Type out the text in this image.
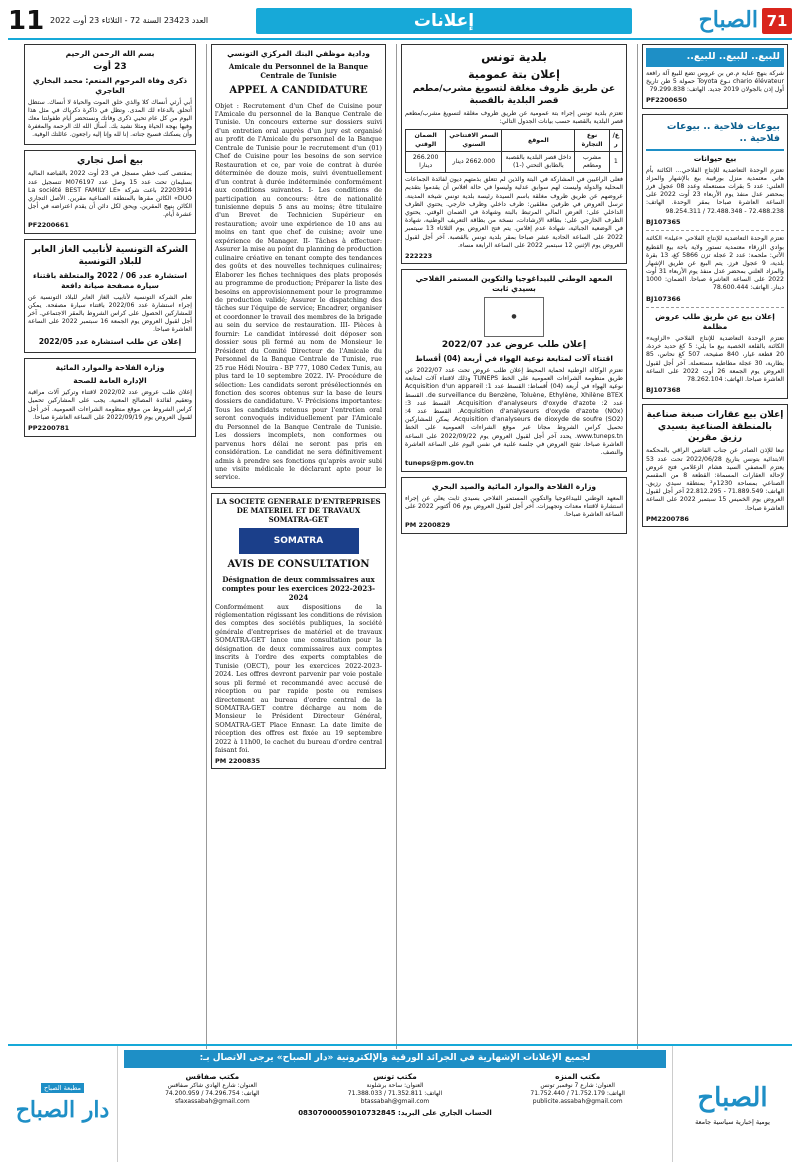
11 العدد 23423 السنة 72 - الثلاثاء 23 أوت 2022	إعلانات	الصباح 71
للبيع.. للبيع.. للبيع..
شركة بنهج عناية م.ص بن عروس تضع للبيع آلة رافعة chario élévateur نـوع Toyota حمولة 5 طن تاريخ أول إذن بالجولان 2019 جديد. الهاتف: 79.299.838
PF2200650
بيوعات فلاحية .. بيوعات فلاحية ..
بيع حيوانات
تعتزم الوحدة التعاضدية للإنتاج الفلاحي... الكائنة بأم هاني معتمدية منزل بورقيبة بيع بالإشهار والمزاد العلني: عدد 5 بقرات مستعملة وعدد 08 عجول فرز بمحضر عدل منفذ يوم الأربعاء 23 أوت 2022 على الساعة العاشرة صباحا بمقر الوحدة. الهاتف: 72.488.238 - 72.488.348 / 98.254.311
BJ107365
تعتزم الوحدة التعاضدية للإنتاج الفلاحي «عيلة» الكائنة بوادي الزرقاء معتمدية تستور ولاية باجة بيع القطيع الآتي: ملحمة: عدد 2 عجلة تزن 5866 كغ، 13 بقرة بلدية، 9 عجول فرز. يتم البيع عن طريق الإشهار والمزاد العلني بمحضر عدل منفذ يوم الأربعاء 31 أوت 2022 على الساعة العاشرة صباحا. الضمان: 1000 دينار. الهاتف: 78.600.444
BJ107366
إعلان بيع عن طريق طلب عروض مظلمة
تعتزم الوحدة التعاضدية للإنتاج الفلاحي «الزاوية» الكائنة بالقلعة الخصبة بيع ما يلي: 5 كغ حديد خردة، 20 قطعة غيار، 840 صفيحة، 507 كغ نحاس، 85 بطارية، 30 عجلة مطاطية مستعملة. آخر أجل لقبول العروض يوم الجمعة 26 أوت 2022 على الساعة العاشرة صباحا. الهاتف: 78.262.104
BJ107368
إعلان بيع عقارات صبغة صناعية بالمنطقة الصناعية بسيدي رزيق مقرين
تبعا للإذن الصادر عن جناب القاضي الراقي بالمحكمة الابتدائية بتونس بتاريخ 2022/06/28 تحت عدد 53 يعتزم المصفي السيد هشام الزغلامي فتح عروض لإحالة العقارات المسماة: القطعة 8 من المقسم الصناعي بمساحة 1230م² بمنطقة سيدي رزيق. الهاتف: 71.889.549 - 22.812.295 آخر أجل لقبول العروض يوم الخميس 15 سبتمبر 2022 على الساعة العاشرة صباحا.
PM2200786
بلدية تونس
إعلان بتة عمومية
عن طريق ظروف مغلقة لتسويغ مشرب/مطعم قصر البلدية بالقصبة
تعتزم بلدية تونس إجراء بتة عمومية عن طريق ظروف مغلقة لتسويغ مشرب/مطعم قصر البلدية بالقصبة حسب بيانات الجدول التالي:
ع/ر	نوع التجارة	الموقع	السعر الافتتاحي السنوي	الضمان الوقتي
1	مشرب ومطعم	داخل قصر البلدية بالقصبة بالطابق التحتي (-1)	2662.000 دينار	266.200 دينارا
فعلى الراغبين في المشاركة في البتة والذين لم تتعلق بذمتهم ديون لفائدة الجماعات المحلية والدولة وليست لهم سوابق عدلية وليسوا في حالة افلاس أن يقدموا بتقديم عروضهم عن طريق ظروف مغلقة باسم السيدة رئيسة بلدية تونس شيخة المدينة. ترسل العروض في ظرفين مغلقين: ظرف داخلي وظرف خارجي. يحتوي الظرف الداخلي على: العرض المالي المرتبط بالبتة وشهادة في الضمان الوقتي. يحتوي الظرف الخارجي على: بطاقة الإرشادات، نسخة من بطاقة التعريف الوطنية، شهادة في الوضعية الجبائية، شهادة عدم إفلاس. يتم فتح العروض يوم الثلاثاء 13 سبتمبر 2022 على الساعة الحادية عشر صباحا بمقر بلدية تونس بالقصبة. آخر أجل لقبول العروض يوم الإثنين 12 سبتمبر 2022 على الساعة الرابعة مساء.
222223
المعهد الوطني للبيداغوجيا والتكوين المستمر الفلاحي بسيدي ثابت
●
إعلان طلب عروض عدد 2022/07
اقتناء آلات لمتابعة نوعية الهواء في أربعة (04) أقساط
تعتزم الوكالة الوطنية لحماية المحيط إعلان طلب عروض تحت عدد 2022/07 عن طريق منظومة الشراءات العمومية على الخط TUNEPS وذلك لاقتناء آلات لمتابعة نوعية الهواء في أربعة (04) أقساط: القسط عدد 1: Acquisition d'un appareil de surveillance du Benzène, Toluène, Ethylène, Xhilène BTEX. القسط عدد 2: Acquisition d'analyseurs d'oxyde d'azote. القسط عدد 3: Acquisition d'analyseurs d'oxyde d'azote (NOx). القسط عدد 4: Acquisition d'analyseurs de dioxyde de soufre (SO2). يمكن للمشاركين تحميل كراس الشروط مجانا عبر موقع الشراءات العمومية على الخط www.tuneps.tn. يحدد آخر أجل لقبول العروض يوم 2022/09/22 على الساعة العاشرة صباحا. تفتح العروض في جلسة علنية في نفس اليوم على الساعة العاشرة والنصف.
tuneps@pm.gov.tn
وزارة الفلاحة والموارد المائية والصيد البحري
المعهد الوطني للبيداغوجيا والتكوين المستمر الفلاحي بسيدي ثابت يعلن عن إجراء استشارة لاقتناء معدات وتجهيزات. آخر أجل لقبول العروض يوم 06 أكتوبر 2022 على الساعة العاشرة صباحا.
PM 2200829
ودادية موظفي البنك المركزي التونسي
Amicale du Personnel de la Banque Centrale de Tunisie
APPEL A CANDIDATURE
Objet : Recrutement d'un Chef de Cuisine pour l'Amicale du personnel de la Banque Centrale de Tunisie. Un concours externe sur dossiers suivi d'un entretien oral auprès d'un jury est organisé au profit de l'Amicale du personnel de la Banque Centrale de Tunisie pour le recrutement d'un (01) Chef de Cuisine pour les besoins de son service Restauration et ce, par voie de contrat à durée déterminée de douze mois, suivi éventuellement d'un contrat à durée indéterminée conformément aux conditions suivantes. I- Les conditions de participation au concours: être de nationalité tunisienne depuis 5 ans au moins; être titulaire d'un Brevet de Technicien Supérieur en restauration; avoir une expérience de 10 ans au moins en tant que chef de cuisine; avoir une expérience de Manager. II- Tâches à effectuer: Assurer la mise au point du planning de production culinaire créative en tenant compte des tendances des goûts et des nouvelles techniques culinaires; Élaborer les fiches techniques des plats proposés au programme de production; Préparer la liste des besoins en approvisionnement pour le programme de production validé; Assurer le dispatching des tâches sur l'équipe de service; Encadrer, organiser et coordonner le travail des membres de la brigade au sein du service de restauration. III- Pièces à fournir: Le candidat intéressé doit déposer son dossier sous pli fermé au nom de Monsieur le Président du Comité Directeur de l'Amicale du Personnel de la Banque Centrale de Tunisie, rue 25 rue Hédi Nouira - BP 777, 1080 Cedex Tunis, au plus tard le 10 septembre 2022. IV- Procédure de sélection: Les candidats seront présélectionnés en fonction des scores obtenus sur la base de leurs dossiers de candidature. V- Précisions importantes: Tous les candidats retenus pour l'entretien oral seront convoqués individuellement par l'Amicale du Personnel de la Banque Centrale de Tunisie. Les dossiers incomplets, non conformes ou parvenus hors délai ne seront pas pris en considération. Le candidat ne sera définitivement admis à prendre ses fonctions qu'après avoir subi une visite médicale le déclarant apte pour le service.
LA SOCIETE GENERALE D'ENTREPRISES DE MATERIEL ET DE TRAVAUX SOMATRA-GET
SOMATRA
AVIS DE CONSULTATION
Désignation de deux commissaires aux comptes pour les exercices 2022-2023-2024
Conformément aux dispositions de la réglementation régissant les conditions de révision des comptes des sociétés publiques, la société générale d'entreprises de matériel et de travaux SOMATRA-GET lance une consultation pour la désignation de deux commissaires aux comptes inscrits à l'ordre des experts comptables de Tunisie (OECT), pour les exercices 2022-2023-2024. Les offres devront parvenir par voie postale sous pli fermé et recommandé avec accusé de réception ou par rapide poste ou remises directement au bureau d'ordre central de la SOMATRA-GET contre décharge au nom de Monsieur le Président Directeur Général, SOMATRA-GET Place Ennasr. La date limite de réception des offres est fixée au 19 septembre 2022 à 11h00, le cachet du bureau d'ordre central faisant foi.
PM 2200835
بسم الله الرحمن الرحيم
23 أوت
ذكرى وفاة المرحوم المنعم: محمد البخاري العاجري
أبي أرثي أنساك كلا والذي خلق الموت والحياة لا أنساك. ستظل أتحلق بالدعاء لك المدى. وتظل في ذاكرة دكرياك في مثل هذا اليوم من كل عام تحيي ذكرى وفاتك ونستحضر أيام طفولتنا معك وفيها بهجة الحياة ومثلا نشيد بك. أسأل الله لك الرحمة والمغفرة وأن يسكنك فسيح جناته. إنا لله وإنا إليه راجعون. عائلتك الوفية.
بيع أصل تجاري
بمقتضى كتب خطي مسجل في 23 أوت 2022 بالقباضة المالية بسليمان تحت عدد 15 وصل عدد M076197 تتسجيل عدد 22203914 باعت شركة «La société BEST FAMILY LE DUO» الكائن مقرها بالمنطقة الصناعية مقرين. الأصل التجاري الكائن بنهج المقرين. ويحق لكل دائن أن يقدم اعتراضه في أجل عشرة أيام.
PF2200661
الشركة التونسية لأنابيب الغاز العابر للبلاد التونسية
استشارة عدد 06 / 2022 والمتعلقة باقتناء سيارة مصفحة صيانة دافعة
تعلم الشركة التونسية لأنابيب الغاز العابر للبلاد التونسية عن إجراء استشارة عدد 2022/06 باقتناء سيارة مصفحة. يمكن للمشاركين الحصول على كراس الشروط بالمقر الاجتماعي. آخر أجل لقبول العروض يوم الجمعة 16 سبتمبر 2022 على الساعة العاشرة صباحا.
إعلان عن طلب استشارة عدد 2022/05
وزارة الفلاحة والموارد المائية
الإدارة العامة للصحة
إعلان طلب عروض عدد 2022/02 لاقتناء وتركيز آلات مراقبة وتعقيم لفائدة المصالح المعنية. يجب على المشاركين تحميل كراس الشروط من موقع منظومة الشراءات العمومية. آخر أجل لقبول العروض يوم 2022/09/19 على الساعة العاشرة صباحا.
PP2200781
الصباح
يومية إخبارية سياسية جامعة
لجميع الإعلانات الإشهارية في الجرائد الورقية والإلكترونية «دار الصباح» يرجى الاتصال بـ:
مكتب المنزه
العنوان: شارع 7 نوفمبر تونس
الهاتف: 71.752.179 / 71.752.440
publicite.assabah@gmail.com
مكتب تونس
العنوان: ساحة برشلونة
الهاتف: 71.352.811 / 71.388.033
btassabah@gmail.com
مكتب صفاقس
العنوان: شارع الهادي شاكر صفاقس
الهاتف: 74.296.754 / 74.200.959
sfaxassabah@gmail.com
الحساب الجاري على البريد: 08307000059010732845
مطبعة الصباح
دار الصباح
